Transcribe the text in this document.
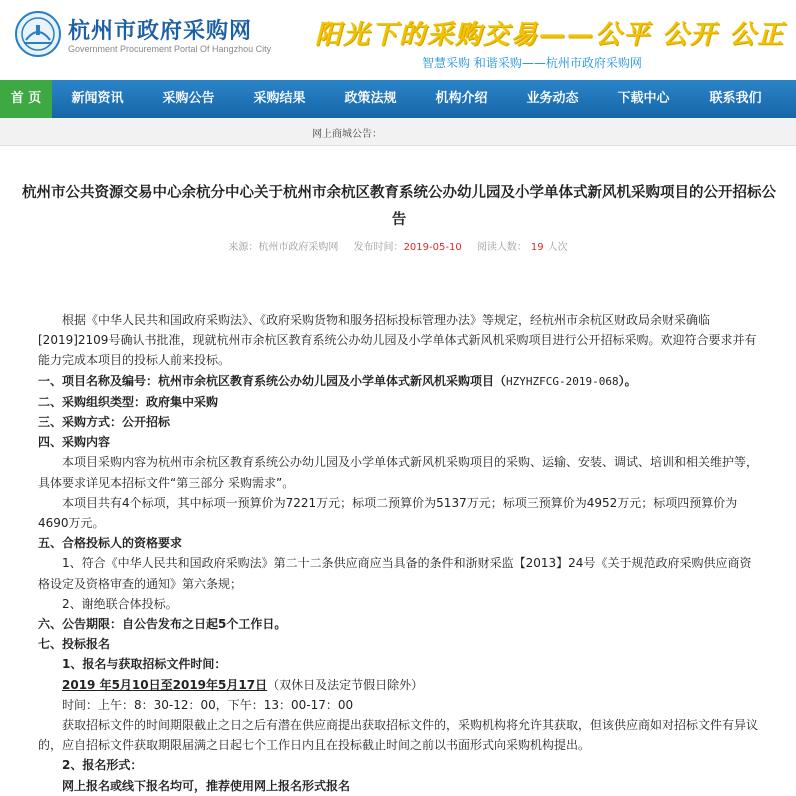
杭州市政府采购网
Government Procurement Portal Of Hangzhou City 阳光下的采购交易——公平 公开 公正
智慧采购 和谐采购——杭州市政府采购网
首 页	新闻资讯	采购公告	采购结果	政策法规	机构介绍	业务动态	下载中心	联系我们
网上商城公告：
杭州市公共资源交易中心余杭分中心关于杭州市余杭区教育系统公办幼儿园及小学单体式新风机采购项目的公开招标公告
来源：杭州市政府采购网 发布时间：2019-05-10 阅读人数： 19 人次

根据《中华人民共和国政府采购法》、《政府采购货物和服务招标投标管理办法》等规定，经杭州市余杭区财政局余财采确临[2019]2109号确认书批准，现就杭州市余杭区教育系统公办幼儿园及小学单体式新风机采购项目进行公开招标采购。欢迎符合要求并有能力完成本项目的投标人前来投标。

一、项目名称及编号：杭州市余杭区教育系统公办幼儿园及小学单体式新风机采购项目（HZYHZFCG-2019-068）。

二、采购组织类型：政府集中采购

三、采购方式：公开招标

四、采购内容

本项目采购内容为杭州市余杭区教育系统公办幼儿园及小学单体式新风机采购项目的采购、运输、安装、调试、培训和相关维护等，具体要求详见本招标文件“第三部分 采购需求”。

本项目共有4个标项，其中标项一预算价为7221万元；标项二预算价为5137万元；标项三预算价为4952万元；标项四预算价为4690万元。

五、合格投标人的资格要求

1、符合《中华人民共和国政府采购法》第二十二条供应商应当具备的条件和浙财采监【2013】24号《关于规范政府采购供应商资格设定及资格审查的通知》第六条规；

2、谢绝联合体投标。

六、公告期限：自公告发布之日起5个工作日。

七、投标报名

1、报名与获取招标文件时间：

2019 年5月10日至2019年5月17日（双休日及法定节假日除外）

时间：上午：8：30-12：00，下午：13：00-17：00

获取招标文件的时间期限截止之日之后有潜在供应商提出获取招标文件的，采购机构将允许其获取，但该供应商如对招标文件有异议的，应自招标文件获取期限届满之日起七个工作日内且在投标截止时间之前以书面形式向采购机构提出。

2、报名形式：

网上报名或线下报名均可，推荐使用网上报名形式报名
